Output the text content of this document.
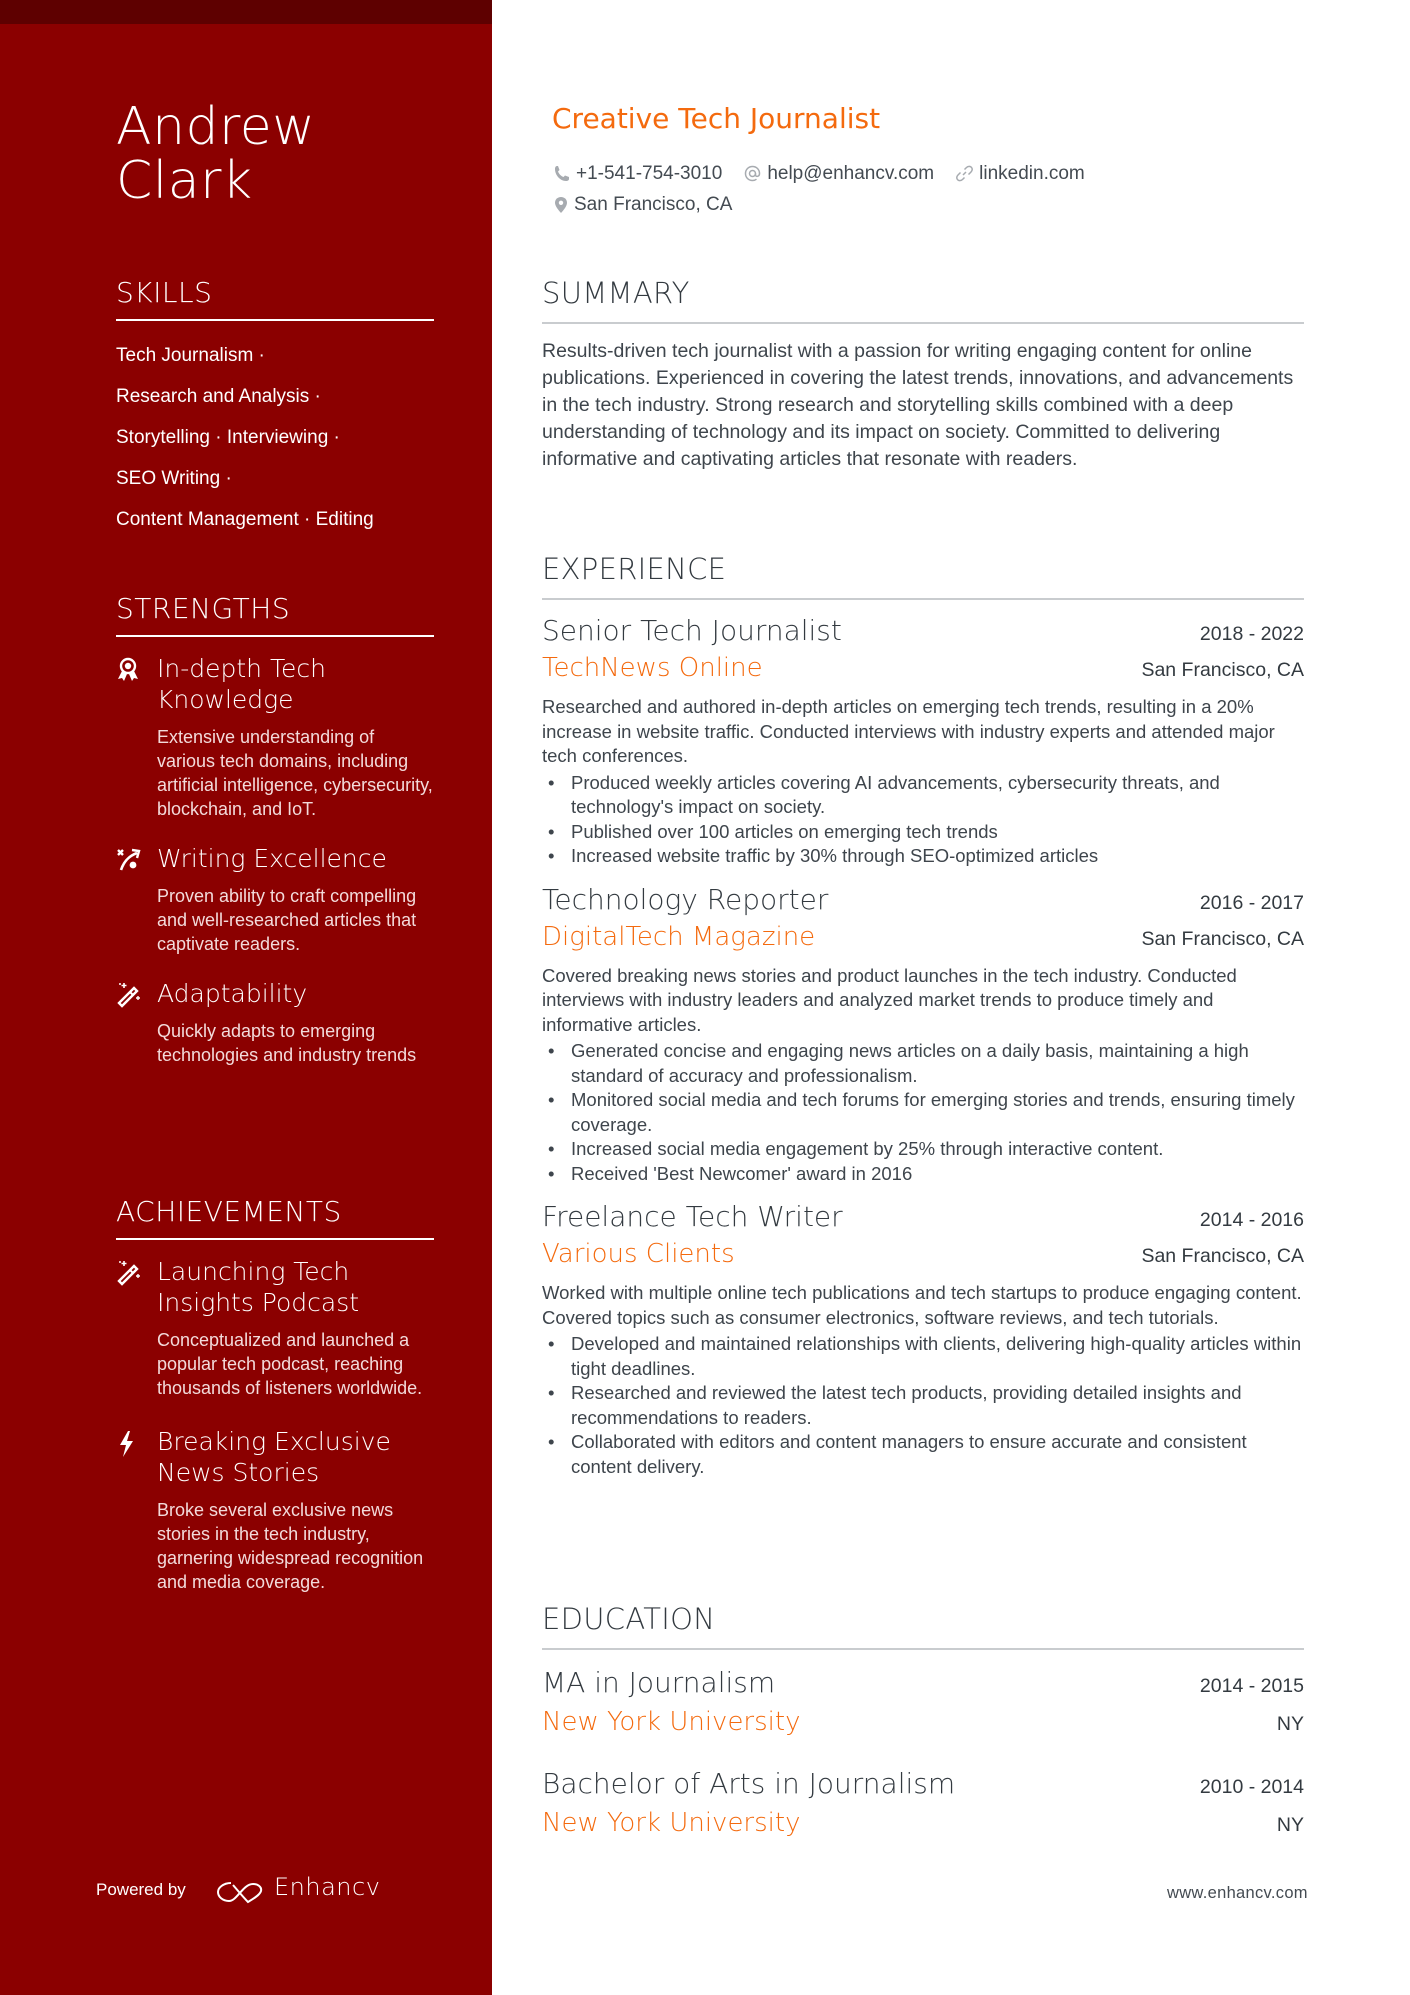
Andrew
Clark
SKILLS
Tech Journalism ·
Research and Analysis ·
Storytelling · Interviewing ·
SEO Writing ·
Content Management · Editing
STRENGTHS
In-depth Tech Knowledge
Extensive understanding of various tech domains, including artificial intelligence, cybersecurity, blockchain, and IoT.
Writing Excellence
Proven ability to craft compelling and well-researched articles that captivate readers.
Adaptability
Quickly adapts to emerging technologies and industry trends
ACHIEVEMENTS
Launching Tech Insights Podcast
Conceptualized and launched a popular tech podcast, reaching thousands of listeners worldwide.
Breaking Exclusive News Stories
Broke several exclusive news stories in the tech industry, garnering widespread recognition and media coverage.
Powered by	Enhancv
Creative Tech Journalist
+1-541-754-3010 help@enhancv.com linkedin.com
San Francisco, CA
SUMMARY

Results-driven tech journalist with a passion for writing engaging content for online publications. Experienced in covering the latest trends, innovations, and advancements in the tech industry. Strong research and storytelling skills combined with a deep understanding of technology and its impact on society. Committed to delivering informative and captivating articles that resonate with readers.

EXPERIENCE
Senior Tech Journalist	2018 - 2022
TechNews Online	San Francisco, CA

Researched and authored in-depth articles on emerging tech trends, resulting in a 20% increase in website traffic. Conducted interviews with industry experts and attended major tech conferences.

• Produced weekly articles covering AI advancements, cybersecurity threats, and technology's impact on society.
• Published over 100 articles on emerging tech trends
• Increased website traffic by 30% through SEO-optimized articles
Technology Reporter	2016 - 2017
DigitalTech Magazine	San Francisco, CA

Covered breaking news stories and product launches in the tech industry. Conducted interviews with industry leaders and analyzed market trends to produce timely and informative articles.

• Generated concise and engaging news articles on a daily basis, maintaining a high standard of accuracy and professionalism.
• Monitored social media and tech forums for emerging stories and trends, ensuring timely coverage.
• Increased social media engagement by 25% through interactive content.
• Received 'Best Newcomer' award in 2016
Freelance Tech Writer	2014 - 2016
Various Clients	San Francisco, CA

Worked with multiple online tech publications and tech startups to produce engaging content. Covered topics such as consumer electronics, software reviews, and tech tutorials.

• Developed and maintained relationships with clients, delivering high-quality articles within tight deadlines.
• Researched and reviewed the latest tech products, providing detailed insights and recommendations to readers.
• Collaborated with editors and content managers to ensure accurate and consistent content delivery.
EDUCATION
MA in Journalism	2014 - 2015
New York University	NY
Bachelor of Arts in Journalism	2010 - 2014
New York University	NY
www.enhancv.com
